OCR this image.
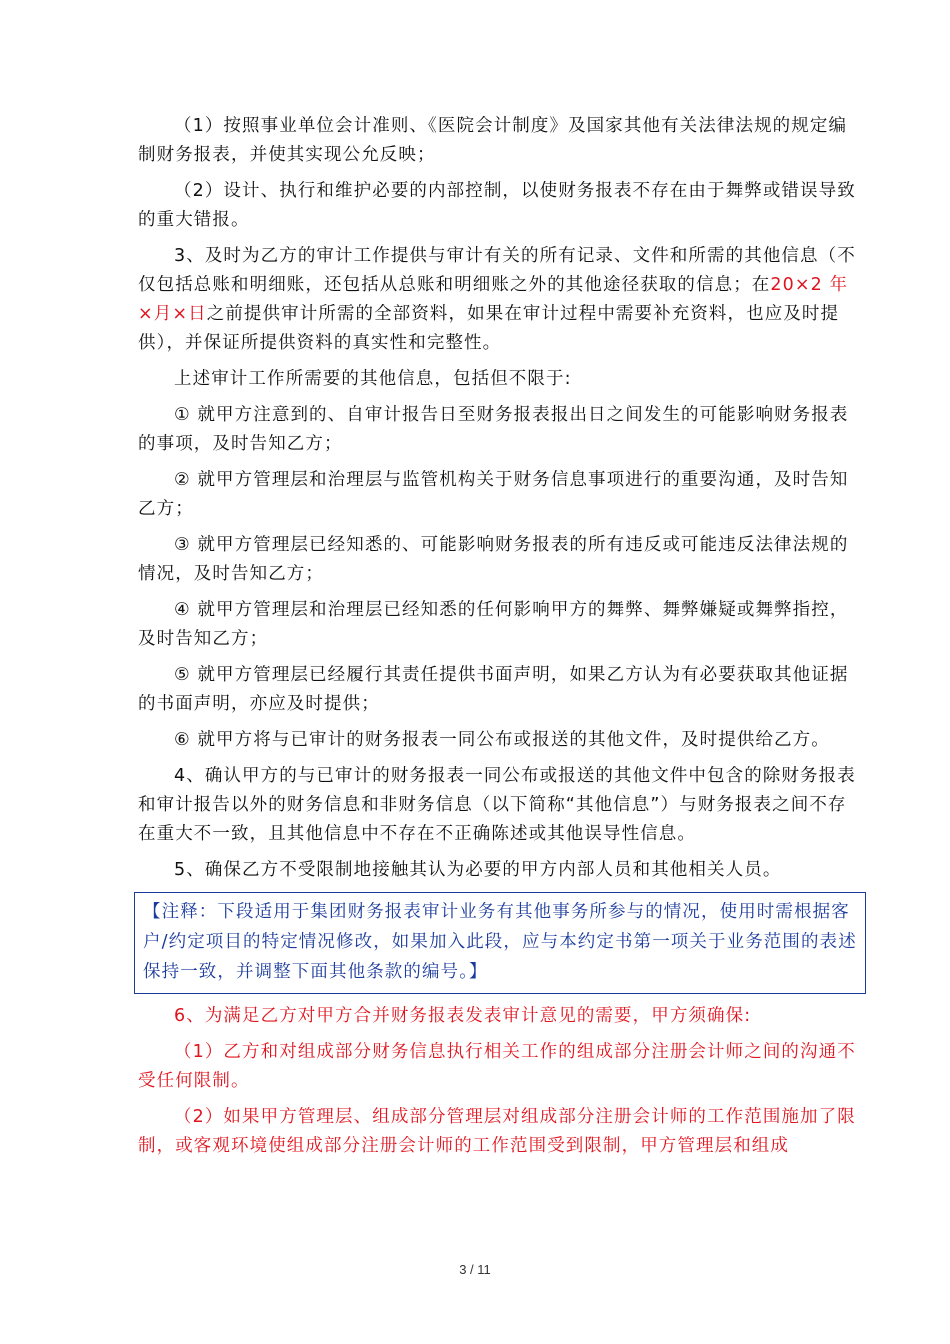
（1）按照事业单位会计准则、《医院会计制度》及国家其他有关法律法规的规定编制财务报表，并使其实现公允反映；

（2）设计、执行和维护必要的内部控制，以使财务报表不存在由于舞弊或错误导致的重大错报。

3、及时为乙方的审计工作提供与审计有关的所有记录、文件和所需的其他信息（不仅包括总账和明细账，还包括从总账和明细账之外的其他途径获取的信息；在20×2 年×月×日之前提供审计所需的全部资料，如果在审计过程中需要补充资料，也应及时提供），并保证所提供资料的真实性和完整性。

上述审计工作所需要的其他信息，包括但不限于:

① 就甲方注意到的、自审计报告日至财务报表报出日之间发生的可能影响财务报表的事项，及时告知乙方；

② 就甲方管理层和治理层与监管机构关于财务信息事项进行的重要沟通，及时告知乙方；

③ 就甲方管理层已经知悉的、可能影响财务报表的所有违反或可能违反法律法规的情况，及时告知乙方；

④ 就甲方管理层和治理层已经知悉的任何影响甲方的舞弊、舞弊嫌疑或舞弊指控，及时告知乙方；

⑤ 就甲方管理层已经履行其责任提供书面声明，如果乙方认为有必要获取其他证据的书面声明，亦应及时提供；

⑥ 就甲方将与已审计的财务报表一同公布或报送的其他文件，及时提供给乙方。

4、确认甲方的与已审计的财务报表一同公布或报送的其他文件中包含的除财务报表和审计报告以外的财务信息和非财务信息（以下简称“其他信息”）与财务报表之间不存在重大不一致，且其他信息中不存在不正确陈述或其他误导性信息。

5、确保乙方不受限制地接触其认为必要的甲方内部人员和其他相关人员。

【注释：下段适用于集团财务报表审计业务有其他事务所参与的情况，使用时需根据客户/约定项目的特定情况修改，如果加入此段，应与本约定书第一项关于业务范围的表述保持一致，并调整下面其他条款的编号。】

6、为满足乙方对甲方合并财务报表发表审计意见的需要，甲方须确保:

（1）乙方和对组成部分财务信息执行相关工作的组成部分注册会计师之间的沟通不受任何限制。

（2）如果甲方管理层、组成部分管理层对组成部分注册会计师的工作范围施加了限制，或客观环境使组成部分注册会计师的工作范围受到限制，甲方管理层和组成

3 / 11
